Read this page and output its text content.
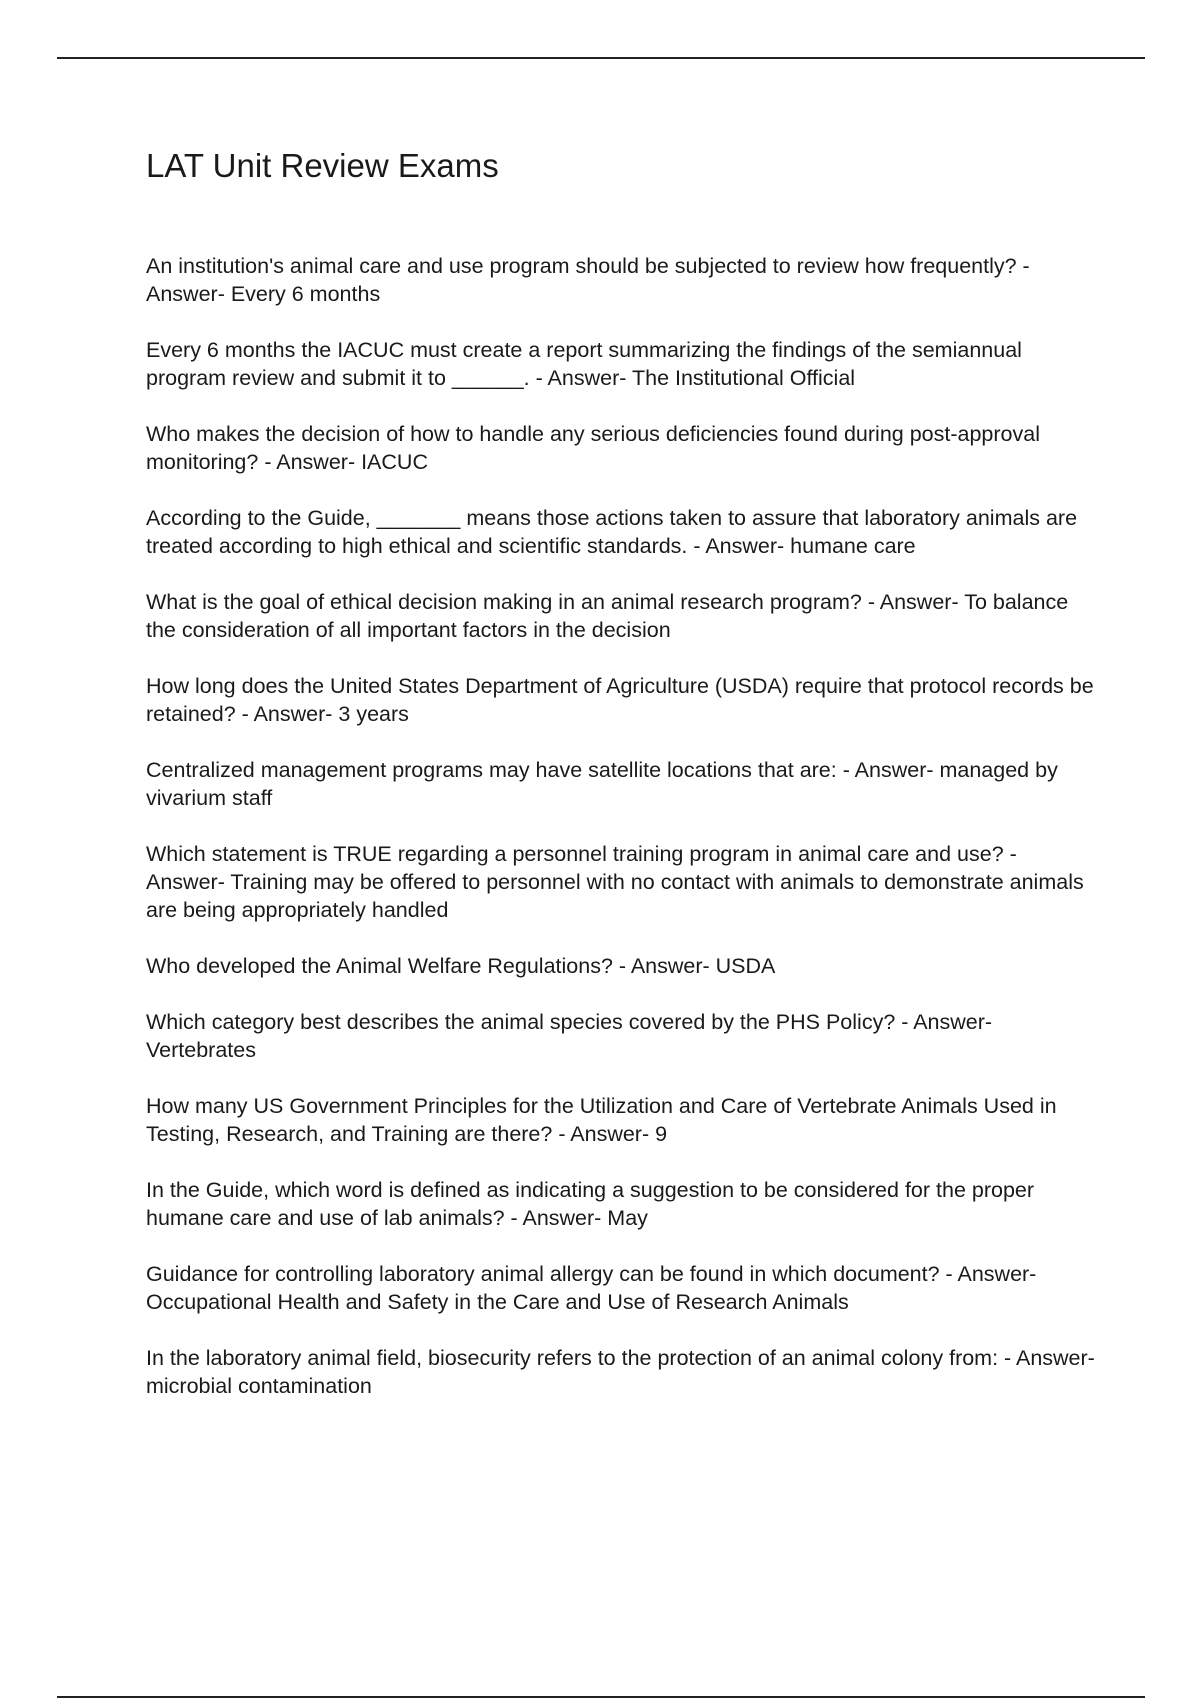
LAT Unit Review Exams

An institution's animal care and use program should be subjected to review how frequently? - Answer- Every 6 months

Every 6 months the IACUC must create a report summarizing the findings of the semiannual program review and submit it to ______. - Answer- The Institutional Official

Who makes the decision of how to handle any serious deficiencies found during post-approval monitoring? - Answer- IACUC

According to the Guide, _______ means those actions taken to assure that laboratory animals are treated according to high ethical and scientific standards. - Answer- humane care

What is the goal of ethical decision making in an animal research program? - Answer- To balance the consideration of all important factors in the decision

How long does the United States Department of Agriculture (USDA) require that protocol records be retained? - Answer- 3 years

Centralized management programs may have satellite locations that are: - Answer- managed by vivarium staff

Which statement is TRUE regarding a personnel training program in animal care and use? - Answer- Training may be offered to personnel with no contact with animals to demonstrate animals are being appropriately handled

Who developed the Animal Welfare Regulations? - Answer- USDA

Which category best describes the animal species covered by the PHS Policy? - Answer- Vertebrates

How many US Government Principles for the Utilization and Care of Vertebrate Animals Used in Testing, Research, and Training are there? - Answer- 9

In the Guide, which word is defined as indicating a suggestion to be considered for the proper humane care and use of lab animals? - Answer- May

Guidance for controlling laboratory animal allergy can be found in which document? - Answer- Occupational Health and Safety in the Care and Use of Research Animals

In the laboratory animal field, biosecurity refers to the protection of an animal colony from: - Answer- microbial contamination
